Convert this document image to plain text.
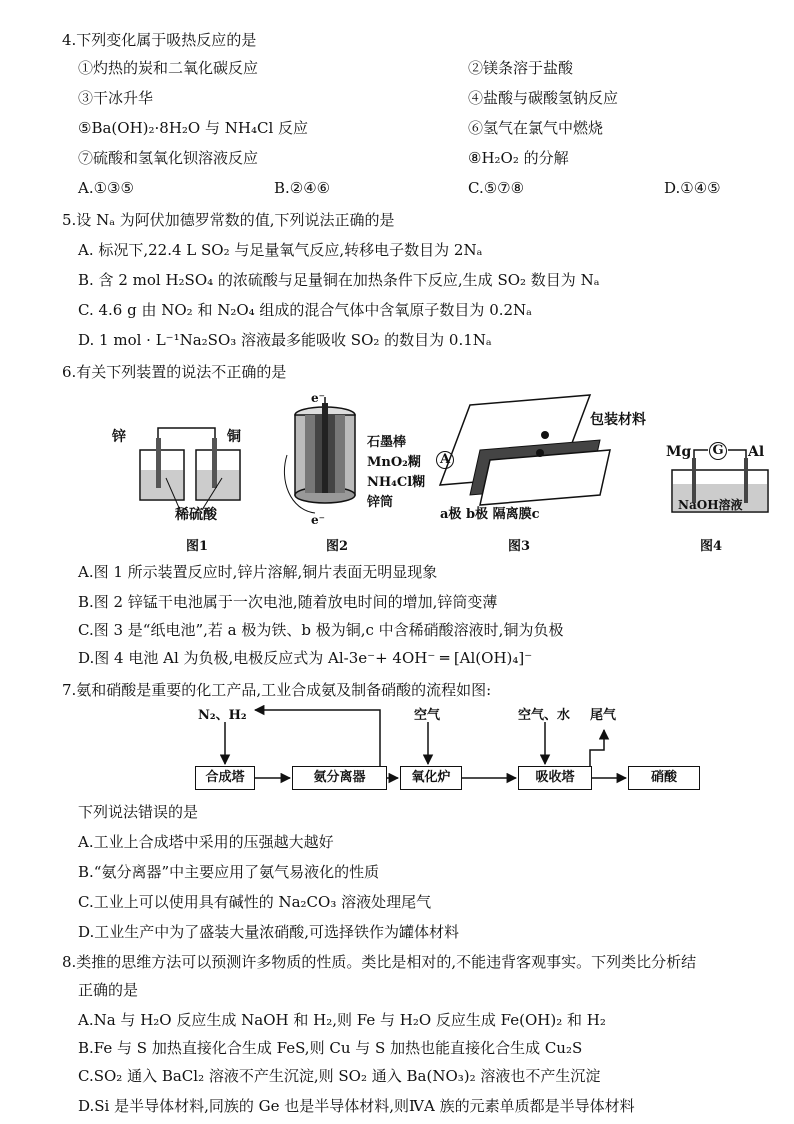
4.下列变化属于吸热反应的是
①灼热的炭和二氧化碳反应	②镁条溶于盐酸
③干冰升华	④盐酸与碳酸氢钠反应
⑤Ba(OH)₂·8H₂O 与 NH₄Cl 反应	⑥氢气在氯气中燃烧
⑦硫酸和氢氧化钡溶液反应	⑧H₂O₂ 的分解
A.①③⑤	B.②④⑥	C.⑤⑦⑧	D.①④⑤
5.设 Nₐ 为阿伏加德罗常数的值,下列说法正确的是
A. 标况下,22.4 L SO₂ 与足量氧气反应,转移电子数目为 2Nₐ
B. 含 2 mol H₂SO₄ 的浓硫酸与足量铜在加热条件下反应,生成 SO₂ 数目为 Nₐ
C. 4.6 g 由 NO₂ 和 N₂O₄ 组成的混合气体中含氧原子数目为 0.2Nₐ
D. 1 mol · L⁻¹Na₂SO₃ 溶液最多能吸收 SO₂ 的数目为 0.1Nₐ
6.有关下列装置的说法不正确的是
锌	铜
稀硫酸
图1
e⁻
e⁻
石墨棒
MnO₂糊
NH₄Cl糊
锌筒
图2
包装材料
A
a极 b极 隔离膜c
图3
Mg G Al
NaOH溶液
图4
A.图 1 所示装置反应时,锌片溶解,铜片表面无明显现象
B.图 2 锌锰干电池属于一次电池,随着放电时间的增加,锌筒变薄
C.图 3 是“纸电池”,若 a 极为铁、b 极为铜,c 中含稀硝酸溶液时,铜为负极
D.图 4 电池 Al 为负极,电极反应式为 Al-3e⁻+ 4OH⁻ ═ [Al(OH)₄]⁻
7.氨和硝酸是重要的化工产品,工业合成氨及制备硝酸的流程如图:
N₂、H₂	空气	空气、水 尾气
合成塔	氨分离器	氧化炉	吸收塔	硝酸
下列说法错误的是
A.工业上合成塔中采用的压强越大越好
B.“氨分离器”中主要应用了氨气易液化的性质
C.工业上可以使用具有碱性的 Na₂CO₃ 溶液处理尾气
D.工业生产中为了盛装大量浓硝酸,可选择铁作为罐体材料
8.类推的思维方法可以预测许多物质的性质。类比是相对的,不能违背客观事实。下列类比分析结
正确的是
A.Na 与 H₂O 反应生成 NaOH 和 H₂,则 Fe 与 H₂O 反应生成 Fe(OH)₂ 和 H₂
B.Fe 与 S 加热直接化合生成 FeS,则 Cu 与 S 加热也能直接化合生成 Cu₂S
C.SO₂ 通入 BaCl₂ 溶液不产生沉淀,则 SO₂ 通入 Ba(NO₃)₂ 溶液也不产生沉淀
D.Si 是半导体材料,同族的 Ge 也是半导体材料,则ⅣA 族的元素单质都是半导体材料
